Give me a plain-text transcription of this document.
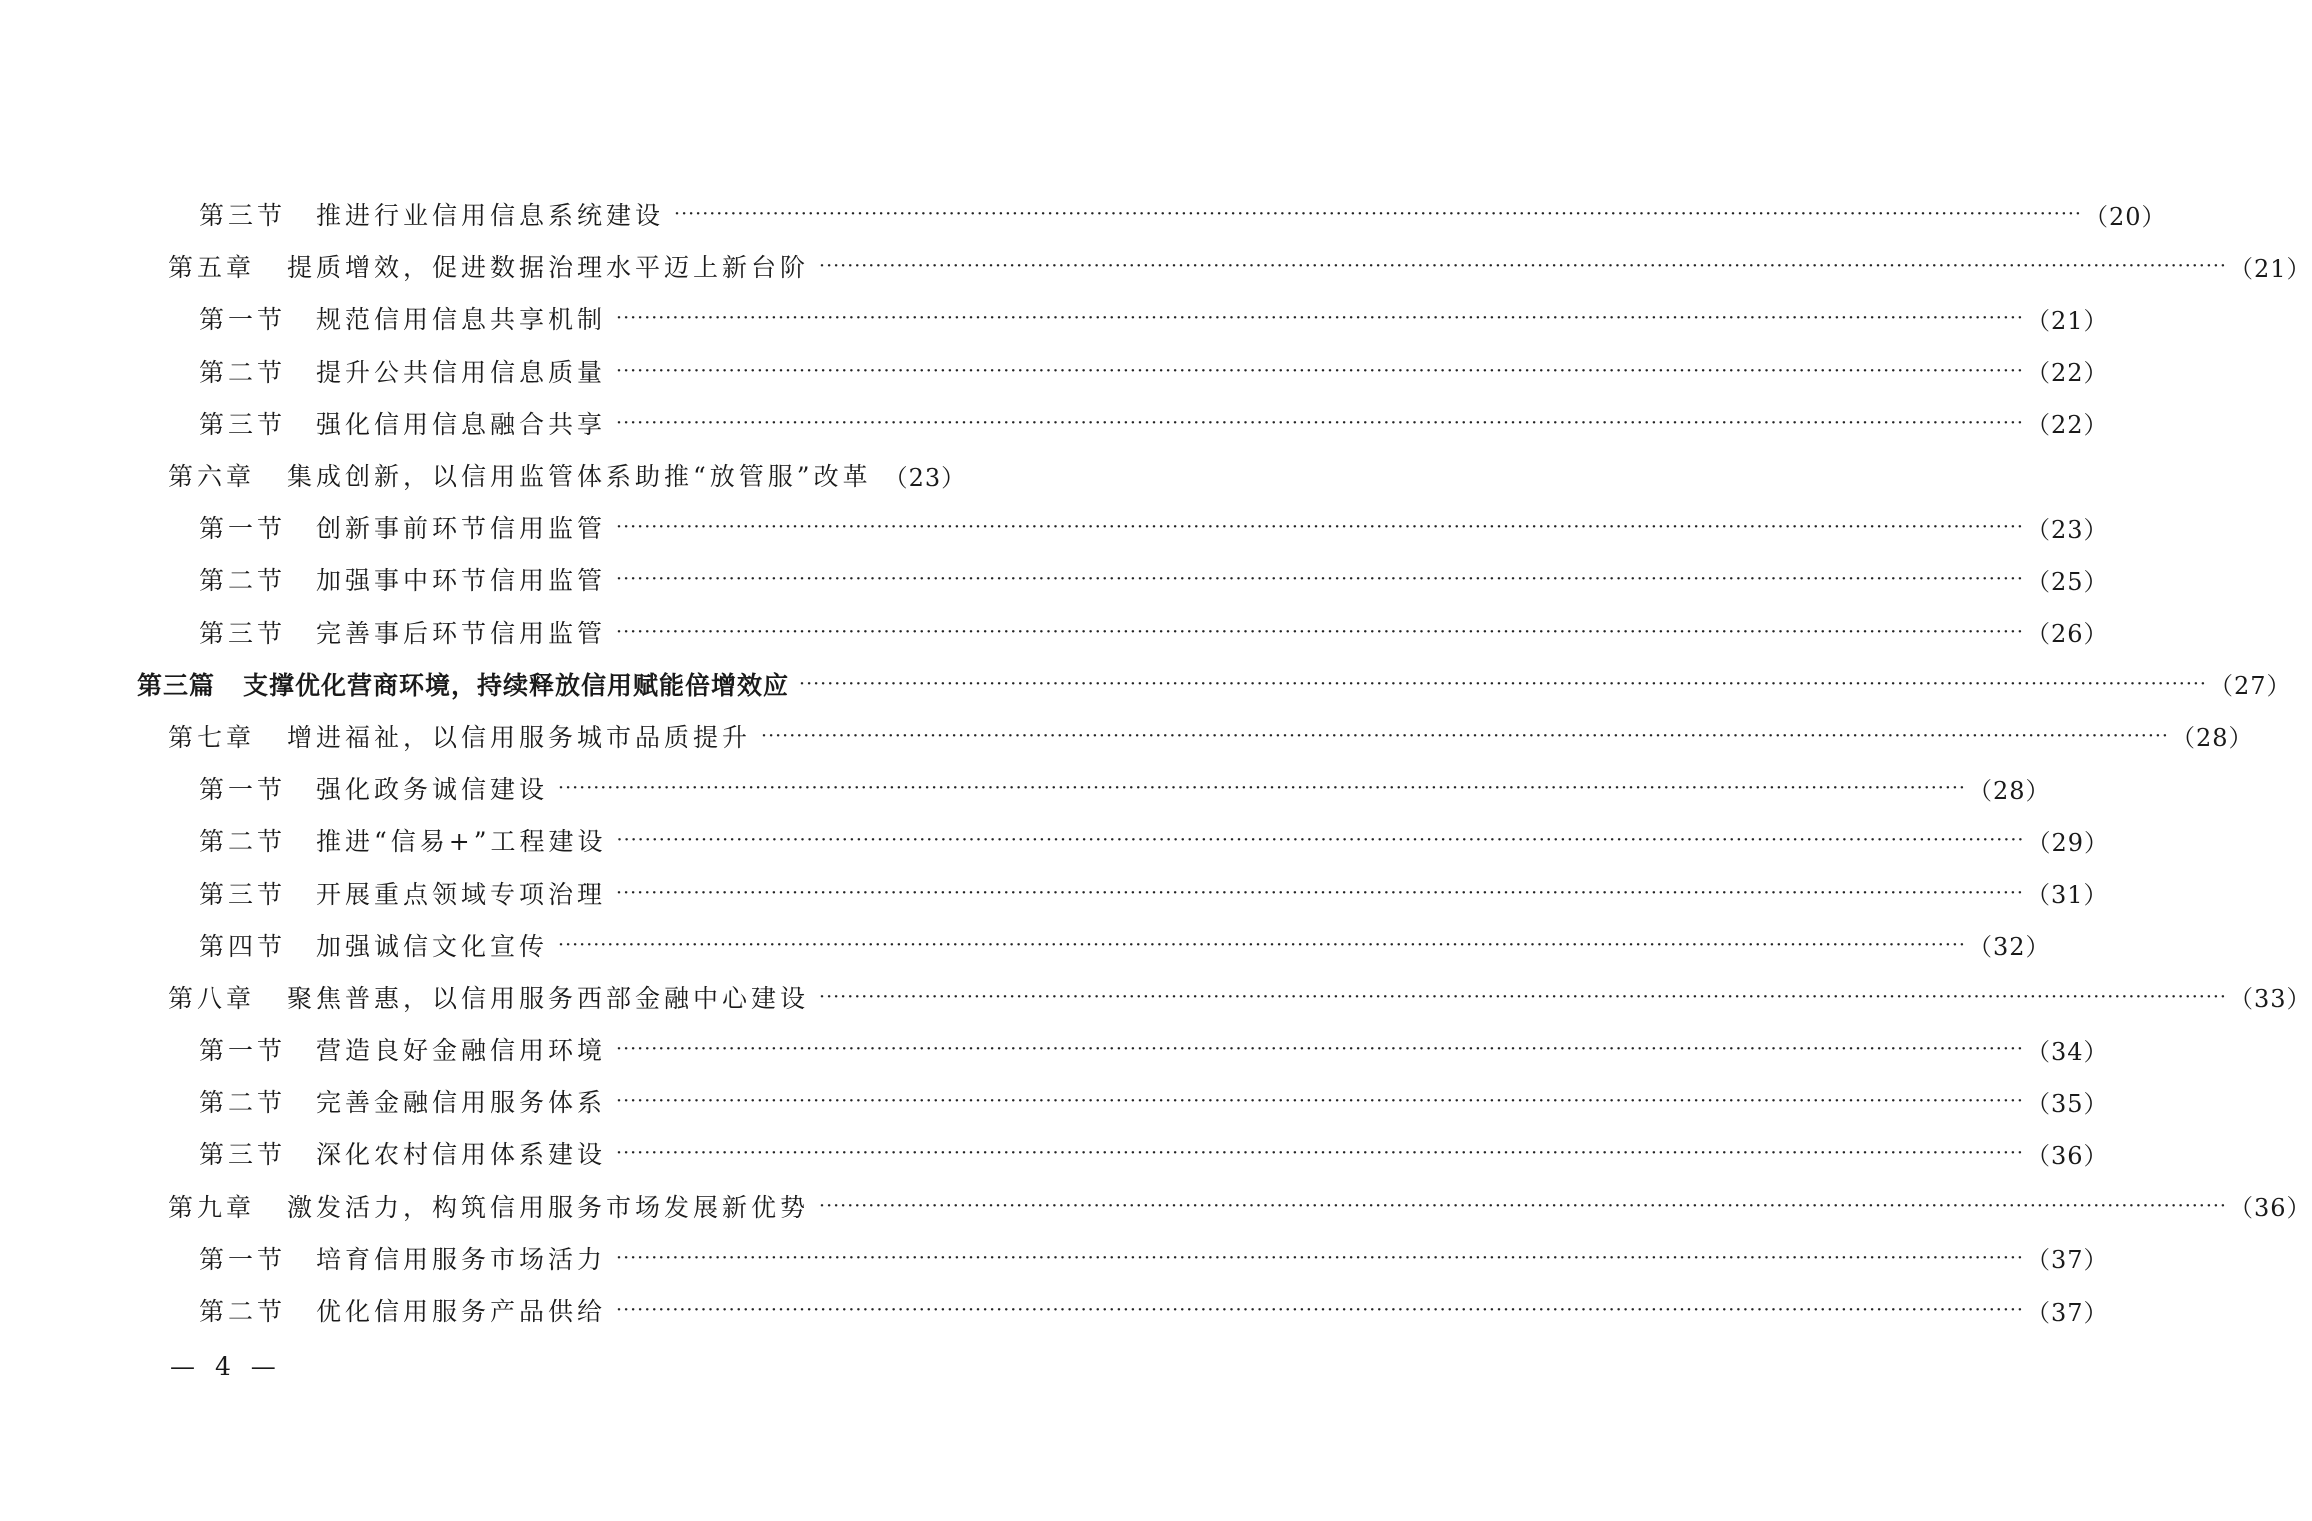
第三节 推进行业信用信息系统建设 ········································································································································································································ （20）
第五章 提质增效，促进数据治理水平迈上新台阶 ········································································································································································································ （21）
第一节 规范信用信息共享机制 ········································································································································································································ （21）
第二节 提升公共信用信息质量 ········································································································································································································ （22）
第三节 强化信用信息融合共享 ········································································································································································································ （22）
第六章 集成创新，以信用监管体系助推“放管服”改革 （23）
第一节 创新事前环节信用监管 ········································································································································································································ （23）
第二节 加强事中环节信用监管 ········································································································································································································ （25）
第三节 完善事后环节信用监管 ········································································································································································································ （26）
第三篇 支撑优化营商环境，持续释放信用赋能倍增效应 ········································································································································································································ （27）
第七章 增进福祉，以信用服务城市品质提升 ········································································································································································································ （28）
第一节 强化政务诚信建设 ········································································································································································································ （28）
第二节 推进“信易+”工程建设 ········································································································································································································ （29）
第三节 开展重点领域专项治理 ········································································································································································································ （31）
第四节 加强诚信文化宣传 ········································································································································································································ （32）
第八章 聚焦普惠，以信用服务西部金融中心建设 ········································································································································································································ （33）
第一节 营造良好金融信用环境 ········································································································································································································ （34）
第二节 完善金融信用服务体系 ········································································································································································································ （35）
第三节 深化农村信用体系建设 ········································································································································································································ （36）
第九章 激发活力，构筑信用服务市场发展新优势 ········································································································································································································ （36）
第一节 培育信用服务市场活力 ········································································································································································································ （37）
第二节 优化信用服务产品供给 ········································································································································································································ （37）
— 4 —
